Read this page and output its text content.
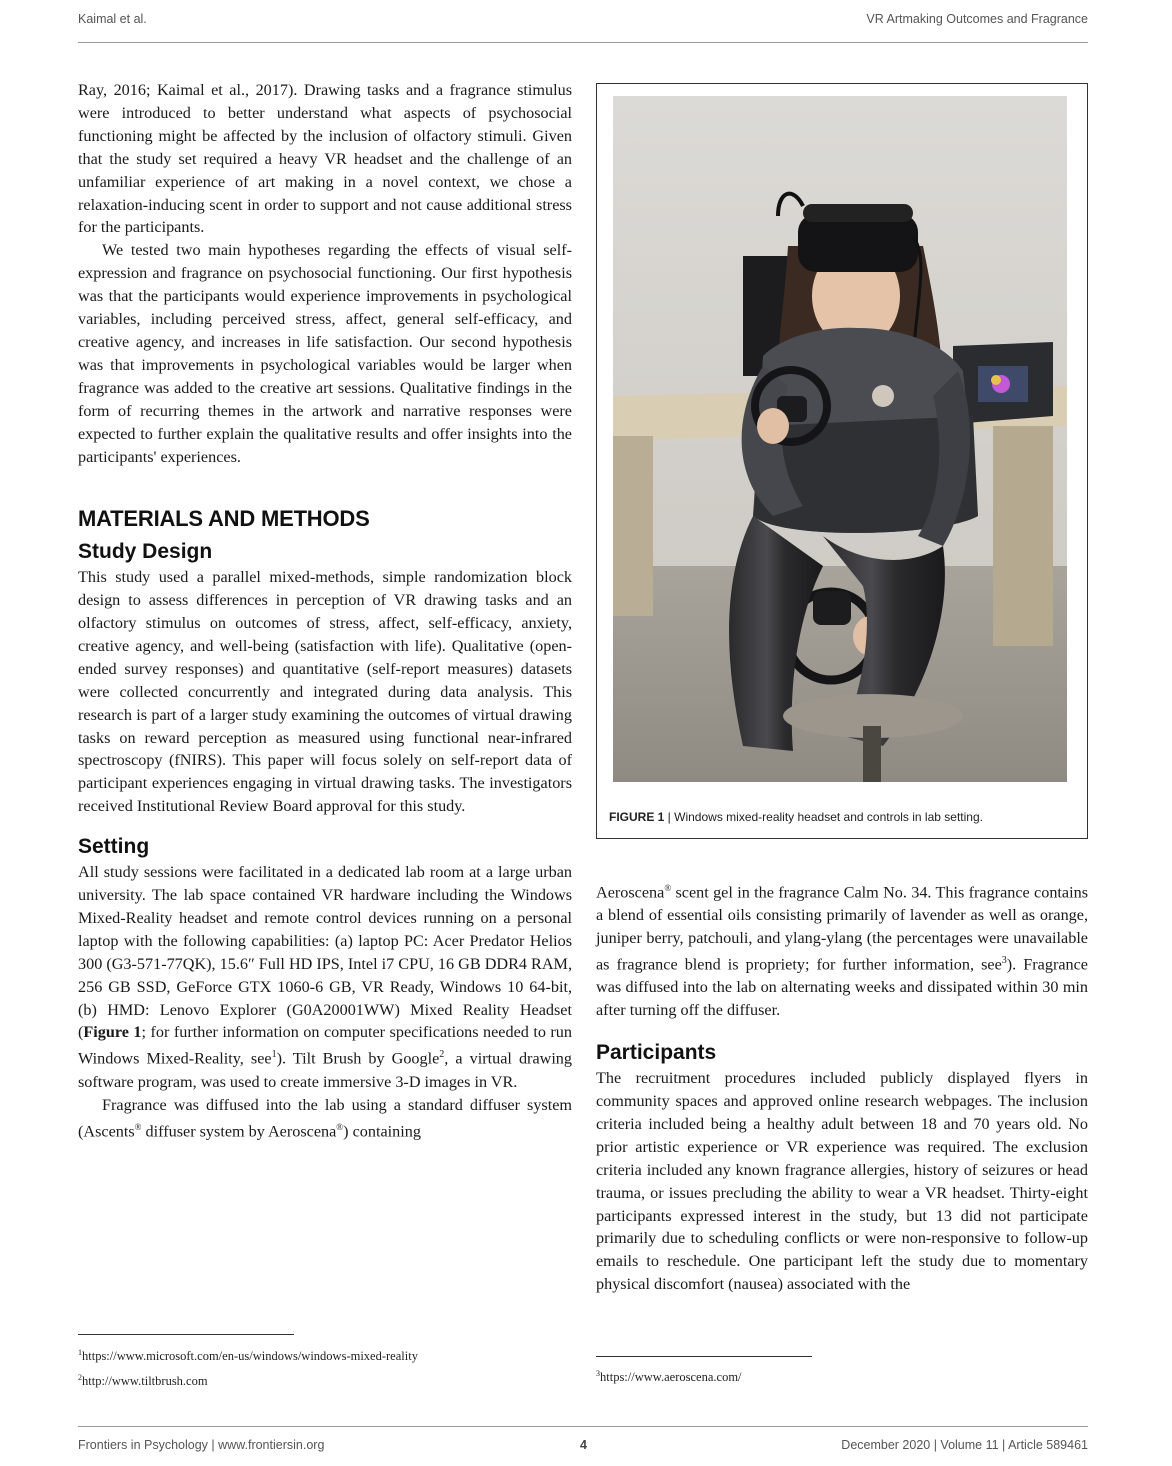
Kaimal et al.	VR Artmaking Outcomes and Fragrance

Ray, 2016; Kaimal et al., 2017). Drawing tasks and a fragrance stimulus were introduced to better understand what aspects of psychosocial functioning might be affected by the inclusion of olfactory stimuli. Given that the study set required a heavy VR headset and the challenge of an unfamiliar experience of art making in a novel context, we chose a relaxation-inducing scent in order to support and not cause additional stress for the participants.

We tested two main hypotheses regarding the effects of visual self-expression and fragrance on psychosocial functioning. Our first hypothesis was that the participants would experience improvements in psychological variables, including perceived stress, affect, general self-efficacy, and creative agency, and increases in life satisfaction. Our second hypothesis was that improvements in psychological variables would be larger when fragrance was added to the creative art sessions. Qualitative findings in the form of recurring themes in the artwork and narrative responses were expected to further explain the qualitative results and offer insights into the participants' experiences.

MATERIALS AND METHODS
Study Design

This study used a parallel mixed-methods, simple randomization block design to assess differences in perception of VR drawing tasks and an olfactory stimulus on outcomes of stress, affect, self-efficacy, anxiety, creative agency, and well-being (satisfaction with life). Qualitative (open-ended survey responses) and quantitative (self-report measures) datasets were collected concurrently and integrated during data analysis. This research is part of a larger study examining the outcomes of virtual drawing tasks on reward perception as measured using functional near-infrared spectroscopy (fNIRS). This paper will focus solely on self-report data of participant experiences engaging in virtual drawing tasks. The investigators received Institutional Review Board approval for this study.

Setting

All study sessions were facilitated in a dedicated lab room at a large urban university. The lab space contained VR hardware including the Windows Mixed-Reality headset and remote control devices running on a personal laptop with the following capabilities: (a) laptop PC: Acer Predator Helios 300 (G3-571-77QK), 15.6″ Full HD IPS, Intel i7 CPU, 16 GB DDR4 RAM, 256 GB SSD, GeForce GTX 1060-6 GB, VR Ready, Windows 10 64-bit, (b) HMD: Lenovo Explorer (G0A20001WW) Mixed Reality Headset (Figure 1; for further information on computer specifications needed to run Windows Mixed-Reality, see$^1$). Tilt Brush by Google$^2$, a virtual drawing software program, was used to create immersive 3-D images in VR.

Fragrance was diffused into the lab using a standard diffuser system (Ascents® diffuser system by Aeroscena®) containing

$^1$https://www.microsoft.com/en-us/windows/windows-mixed-reality
$^2$http://www.tiltbrush.com
FIGURE 1 | Windows mixed-reality headset and controls in lab setting.

Aeroscena® scent gel in the fragrance Calm No. 34. This fragrance contains a blend of essential oils consisting primarily of lavender as well as orange, juniper berry, patchouli, and ylang-ylang (the percentages were unavailable as fragrance blend is propriety; for further information, see$^3$). Fragrance was diffused into the lab on alternating weeks and dissipated within 30 min after turning off the diffuser.

Participants

The recruitment procedures included publicly displayed flyers in community spaces and approved online research webpages. The inclusion criteria included being a healthy adult between 18 and 70 years old. No prior artistic experience or VR experience was required. The exclusion criteria included any known fragrance allergies, history of seizures or head trauma, or issues precluding the ability to wear a VR headset. Thirty-eight participants expressed interest in the study, but 13 did not participate primarily due to scheduling conflicts or were non-responsive to follow-up emails to reschedule. One participant left the study due to momentary physical discomfort (nausea) associated with the

$^3$https://www.aeroscena.com/
Frontiers in Psychology | www.frontiersin.org	4	December 2020 | Volume 11 | Article 589461
